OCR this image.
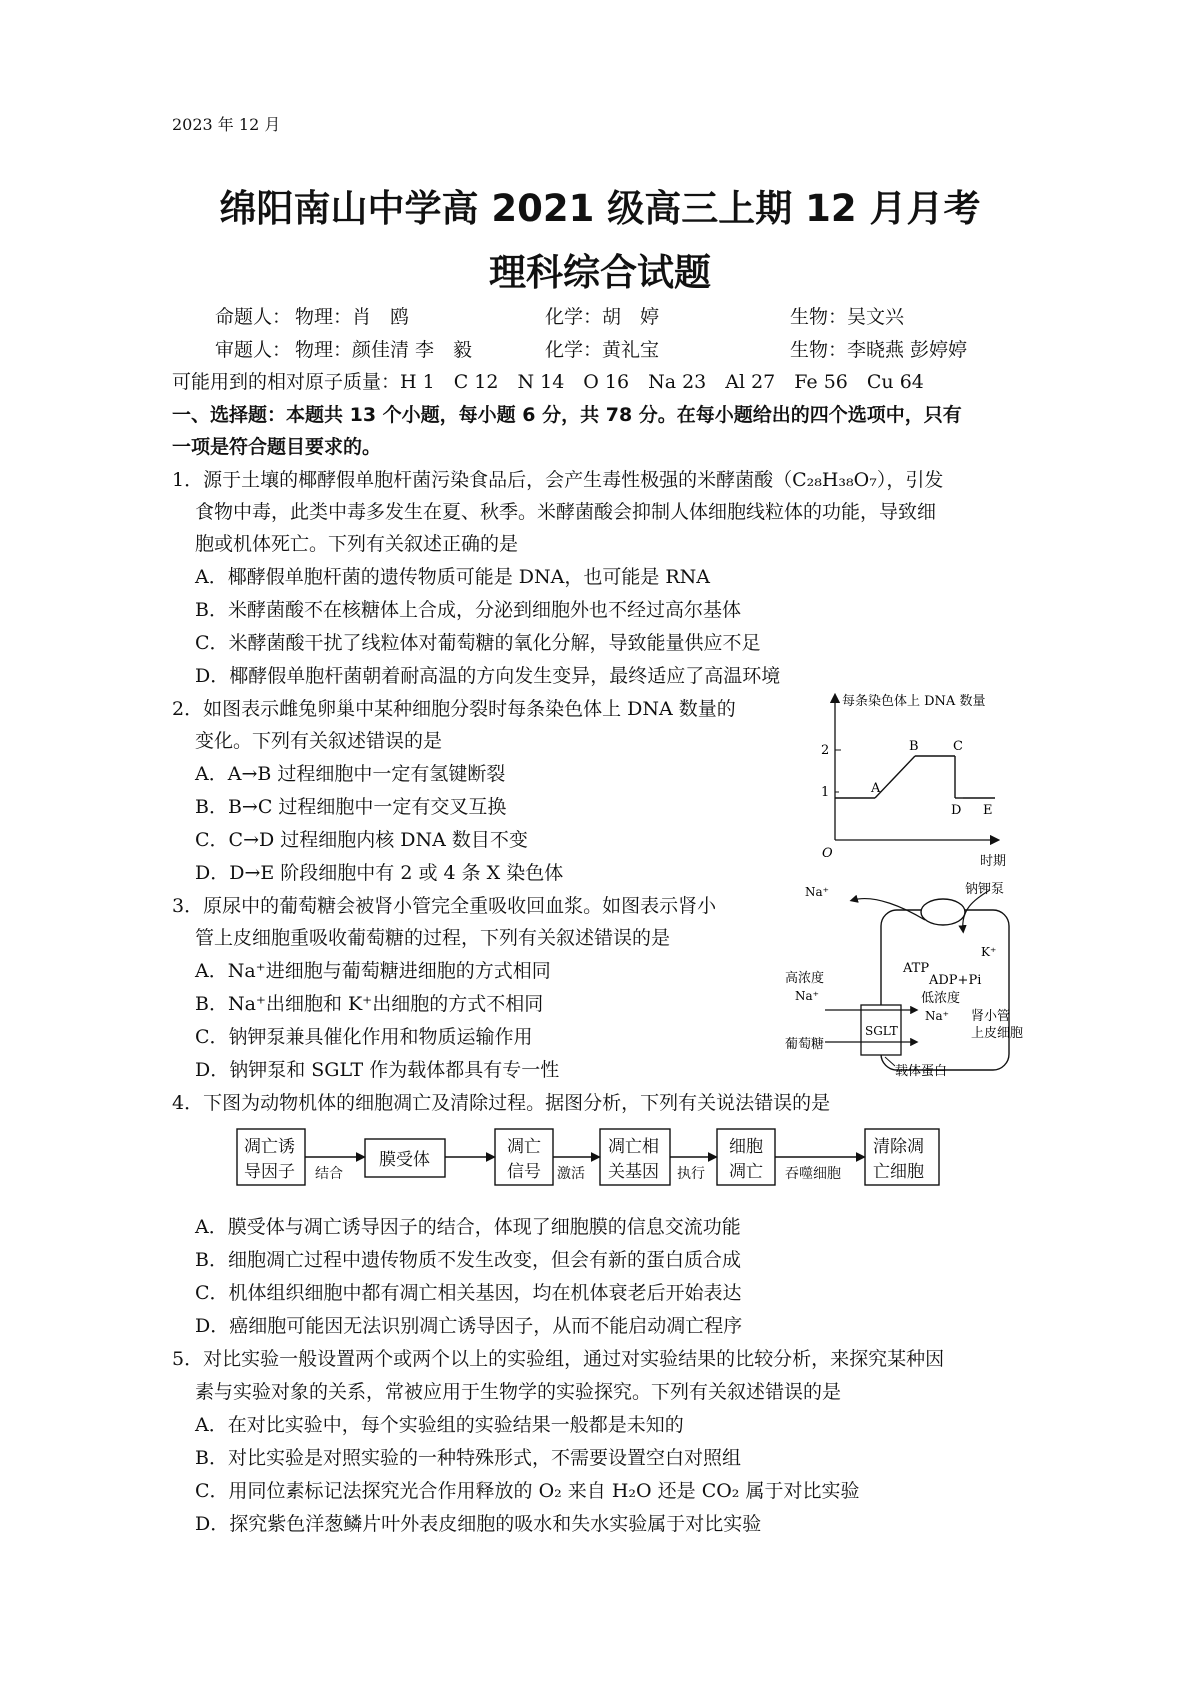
2023 年 12 月
绵阳南山中学高 2021 级高三上期 12 月月考
理科综合试题
命题人： 物理：肖　鸥	化学：胡　婷	生物：吴文兴
审题人： 物理：颜佳清 李　毅	化学：黄礼宝	生物：李晓燕 彭婷婷
可能用到的相对原子质量：H 1　C 12　N 14　O 16　Na 23　Al 27　Fe 56　Cu 64
一、选择题：本题共 13 个小题，每小题 6 分，共 78 分。在每小题给出的四个选项中，只有
一项是符合题目要求的。
1．源于土壤的椰酵假单胞杆菌污染食品后，会产生毒性极强的米酵菌酸（C₂₈H₃₈O₇），引发
食物中毒，此类中毒多发生在夏、秋季。米酵菌酸会抑制人体细胞线粒体的功能，导致细
胞或机体死亡。下列有关叙述正确的是
A．椰酵假单胞杆菌的遗传物质可能是 DNA，也可能是 RNA
B．米酵菌酸不在核糖体上合成，分泌到细胞外也不经过高尔基体
C．米酵菌酸干扰了线粒体对葡萄糖的氧化分解，导致能量供应不足
D．椰酵假单胞杆菌朝着耐高温的方向发生变异，最终适应了高温环境
2．如图表示雌兔卵巢中某种细胞分裂时每条染色体上 DNA 数量的
变化。下列有关叙述错误的是
A．A→B 过程细胞中一定有氢键断裂
B．B→C 过程细胞中一定有交叉互换
C．C→D 过程细胞内核 DNA 数目不变
D．D→E 阶段细胞中有 2 或 4 条 X 染色体
每条染色体上 DNA 数量
时期
O
1
2
A
B	C
D E
3．原尿中的葡萄糖会被肾小管完全重吸收回血浆。如图表示肾小
管上皮细胞重吸收葡萄糖的过程，下列有关叙述错误的是
A．Na⁺进细胞与葡萄糖进细胞的方式相同
B．Na⁺出细胞和 K⁺出细胞的方式不相同
C．钠钾泵兼具催化作用和物质运输作用
D．钠钾泵和 SGLT 作为载体都具有专一性
Na⁺	钠钾泵
K⁺
ATP
ADP+Pi
低浓度
Na⁺
高浓度
Na⁺
葡萄糖
SGLT
载体蛋白
肾小管
上皮细胞
4．下图为动物机体的细胞凋亡及清除过程。据图分析，下列有关说法错误的是
凋亡诱
导因子
膜受体
凋亡
信号
凋亡相
关基因
细胞
凋亡
清除凋
亡细胞
结合	激活	执行	吞噬细胞
A．膜受体与凋亡诱导因子的结合，体现了细胞膜的信息交流功能
B．细胞凋亡过程中遗传物质不发生改变，但会有新的蛋白质合成
C．机体组织细胞中都有凋亡相关基因，均在机体衰老后开始表达
D．癌细胞可能因无法识别凋亡诱导因子，从而不能启动凋亡程序
5．对比实验一般设置两个或两个以上的实验组，通过对实验结果的比较分析，来探究某种因
素与实验对象的关系，常被应用于生物学的实验探究。下列有关叙述错误的是
A．在对比实验中，每个实验组的实验结果一般都是未知的
B．对比实验是对照实验的一种特殊形式，不需要设置空白对照组
C．用同位素标记法探究光合作用释放的 O₂ 来自 H₂O 还是 CO₂ 属于对比实验
D．探究紫色洋葱鳞片叶外表皮细胞的吸水和失水实验属于对比实验
